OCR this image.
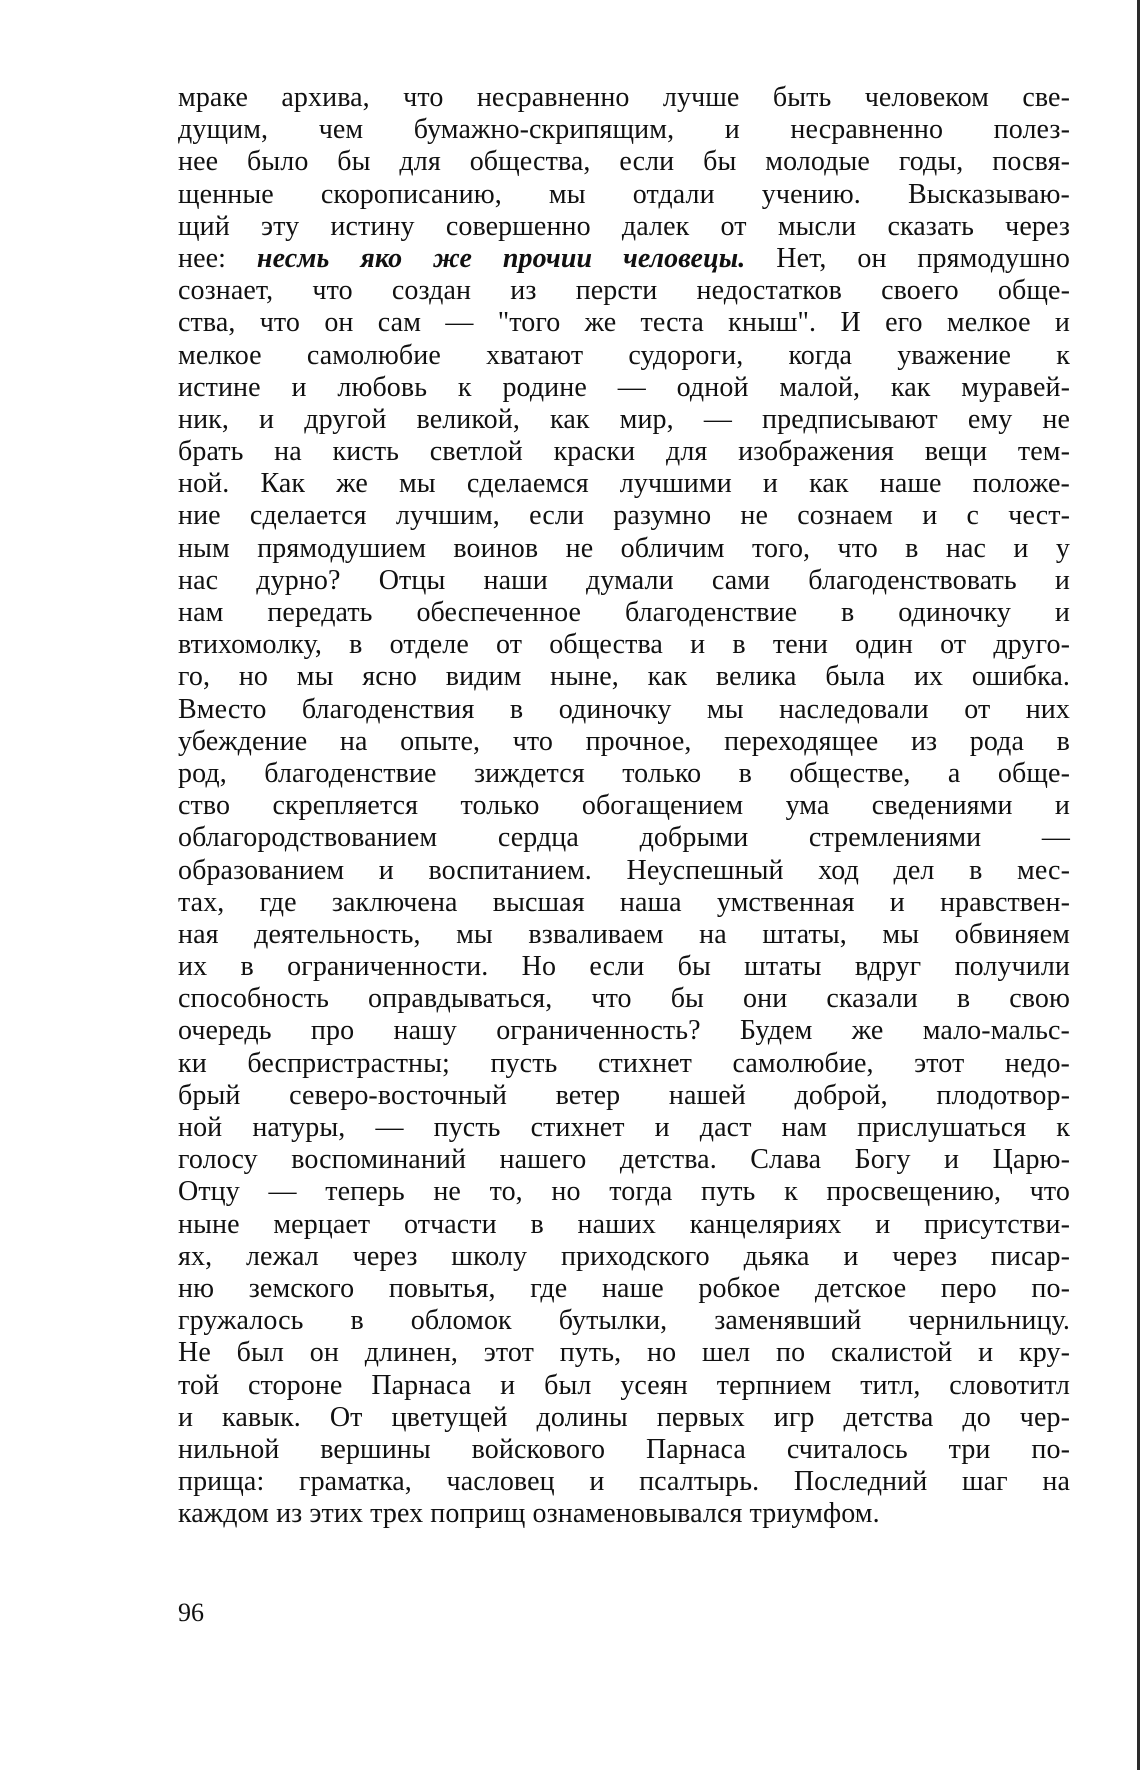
мраке архива, что несравненно лучше быть человеком све-
дущим, чем бумажно-скрипящим, и несравненно полез-
нее было бы для общества, если бы молодые годы, посвя-
щенные скорописанию, мы отдали учению. Высказываю-
щий эту истину совершенно далек от мысли сказать через
нее: несмь яко же прочии человецы. Нет, он прямодушно
сознает, что создан из персти недостатков своего обще-
ства, что он сам — "того же теста кныш". И его мелкое и
мелкое самолюбие хватают судороги, когда уважение к
истине и любовь к родине — одной малой, как муравей-
ник, и другой великой, как мир, — предписывают ему не
брать на кисть светлой краски для изображения вещи тем-
ной. Как же мы сделаемся лучшими и как наше положе-
ние сделается лучшим, если разумно не сознаем и с чест-
ным прямодушием воинов не обличим того, что в нас и у
нас дурно? Отцы наши думали сами благоденствовать и
нам передать обеспеченное благоденствие в одиночку и
втихомолку, в отделе от общества и в тени один от друго-
го, но мы ясно видим ныне, как велика была их ошибка.
Вместо благоденствия в одиночку мы наследовали от них
убеждение на опыте, что прочное, переходящее из рода в
род, благоденствие зиждется только в обществе, а обще-
ство скрепляется только обогащением ума сведениями и
облагородствованием сердца добрыми стремлениями —
образованием и воспитанием. Неуспешный ход дел в мес-
тах, где заключена высшая наша умственная и нравствен-
ная деятельность, мы взваливаем на штаты, мы обвиняем
их в ограниченности. Но если бы штаты вдруг получили
способность оправдываться, что бы они сказали в свою
очередь про нашу ограниченность? Будем же мало-мальс-
ки беспристрастны; пусть стихнет самолюбие, этот недо-
брый северо-восточный ветер нашей доброй, плодотвор-
ной натуры, — пусть стихнет и даст нам прислушаться к
голосу воспоминаний нашего детства. Слава Богу и Царю-
Отцу — теперь не то, но тогда путь к просвещению, что
ныне мерцает отчасти в наших канцеляриях и присутстви-
ях, лежал через школу приходского дьяка и через писар-
ню земского повытья, где наше робкое детское перо по-
гружалось в обломок бутылки, заменявший чернильницу.
Не был он длинен, этот путь, но шел по скалистой и кру-
той стороне Парнаса и был усеян терпнием титл, словотитл
и кавык. От цветущей долины первых игр детства до чер-
нильной вершины войскового Парнаса считалось три по-
прища: граматка, часловец и псалтырь. Последний шаг на
каждом из этих трех поприщ ознаменовывался триумфом.

96
